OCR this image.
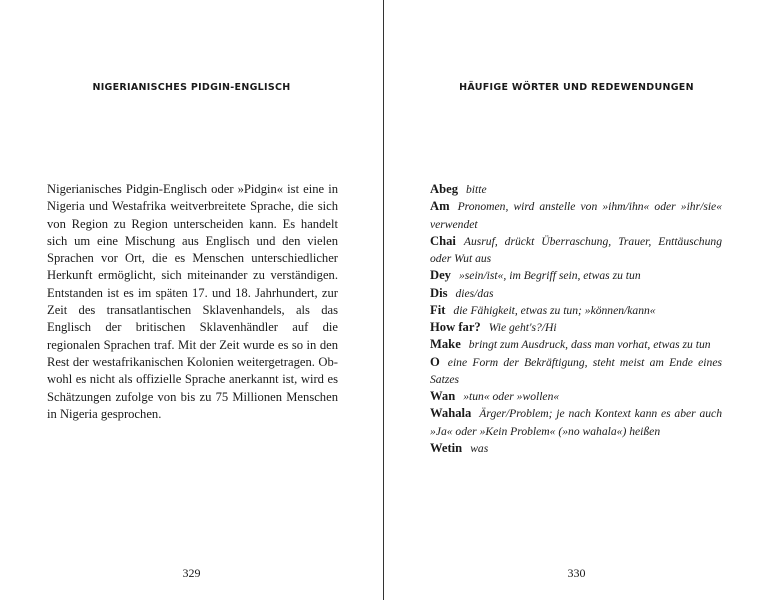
NIGERIANISCHES PIDGIN-ENGLISCH
Nigerianisches Pidgin-Englisch oder »Pidgin« ist eine in Nigeria und Westafrika weitverbreitete Sprache, die sich von Region zu Region unterscheiden kann. Es handelt sich um eine Mischung aus Englisch und den vielen Sprachen vor Ort, die es Menschen unterschiedlicher Herkunft ermöglicht, sich miteinander zu verständigen. Entstanden ist es im späten 17. und 18. Jahrhundert, zur Zeit des transatlantischen Sklavenhandels, als das Englisch der britischen Sklavenhändler auf die regionalen Sprachen traf. Mit der Zeit wurde es so in den Rest der westafrikanischen Kolonien weitergetragen. Obwohl es nicht als offizielle Sprache anerkannt ist, wird es Schätzungen zufolge von bis zu 75 Millionen Menschen in Nigeria gesprochen.
329
HÄUFIGE WÖRTER UND REDEWENDUNGEN
Abeg bitte
Am Pronomen, wird anstelle von »ihm/ihn« oder »ihr/sie« verwendet
Chai Ausruf, drückt Überraschung, Trauer, Enttäuschung oder Wut aus
Dey »sein/ist«, im Begriff sein, etwas zu tun
Dis dies/das
Fit die Fähigkeit, etwas zu tun; »können/kann«
How far? Wie geht's?/Hi
Make bringt zum Ausdruck, dass man vorhat, etwas zu tun
O eine Form der Bekräftigung, steht meist am Ende eines Satzes
Wan »tun« oder »wollen«
Wahala Ärger/Problem; je nach Kontext kann es aber auch »Ja« oder »Kein Problem« (»no wahala«) heißen
Wetin was
330
